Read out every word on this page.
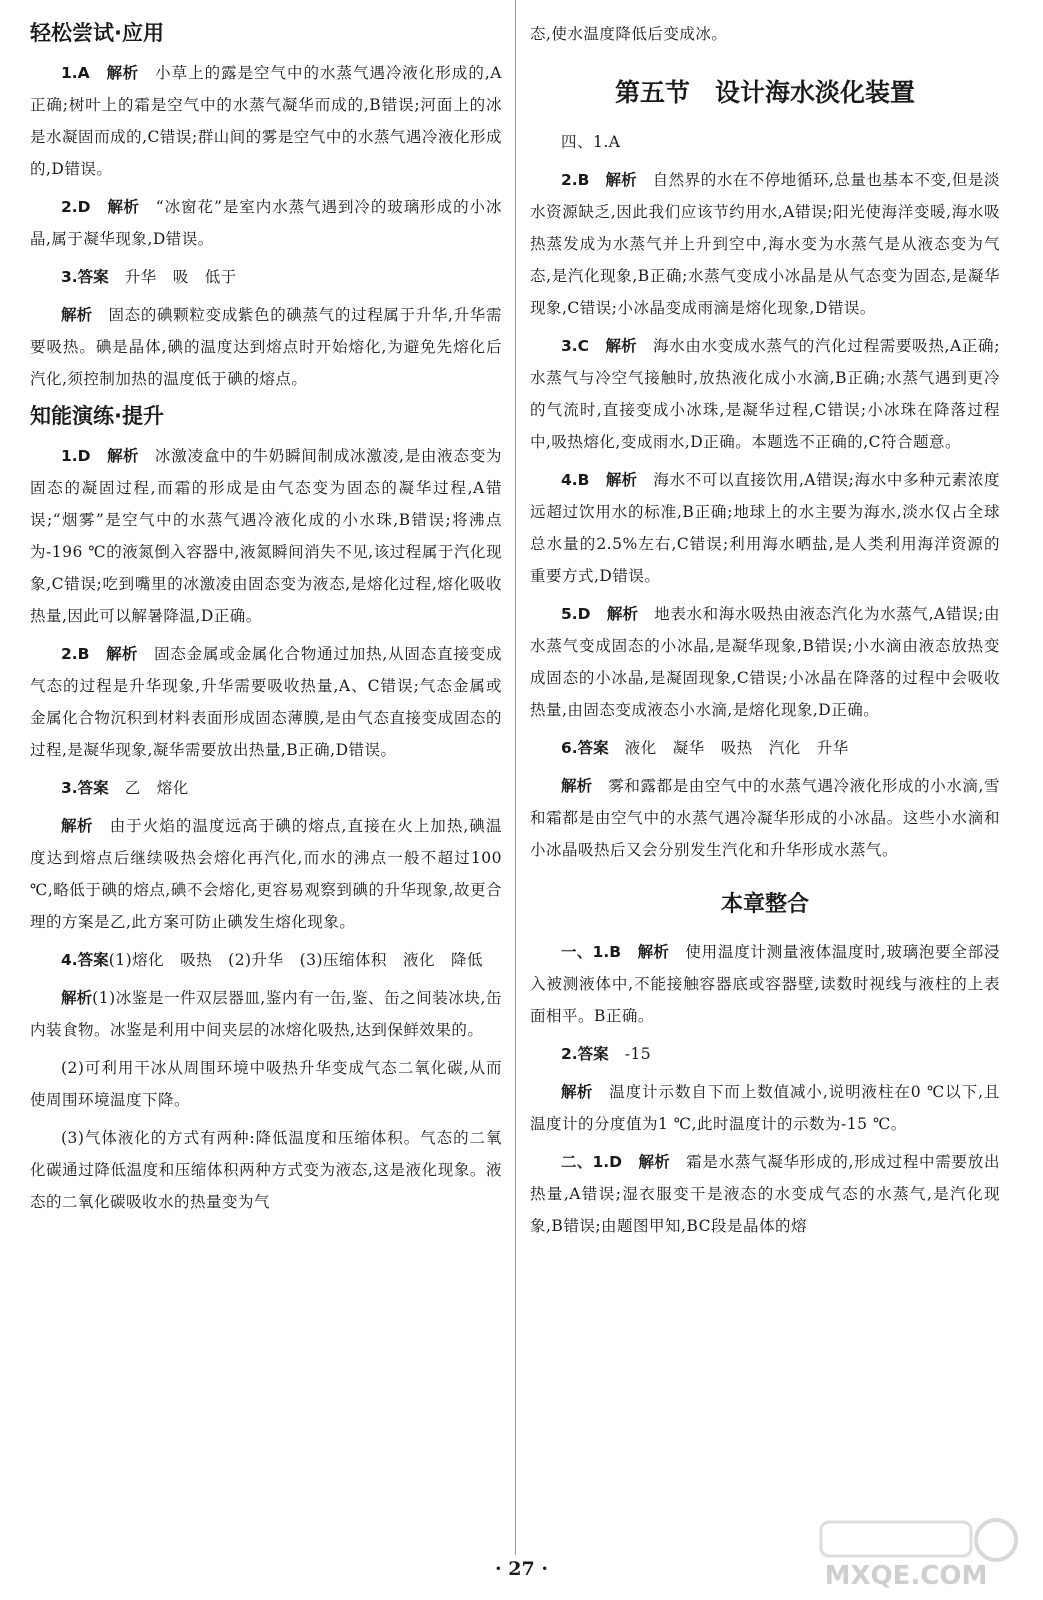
轻松尝试·应用

1.A　 解析　 小草上的露是空气中的水蒸气遇冷液化形成的,A正确;树叶上的霜是空气中的水蒸气凝华而成的,B错误;河面上的冰是水凝固而成的,C错误;群山间的雾是空气中的水蒸气遇冷液化形成的,D错误。

2.D　 解析　 “冰窗花”是室内水蒸气遇到冷的玻璃形成的小冰晶,属于凝华现象,D错误。

3.答案　 升华　吸　低于

解析　 固态的碘颗粒变成紫色的碘蒸气的过程属于升华,升华需要吸热。碘是晶体,碘的温度达到熔点时开始熔化,为避免先熔化后汽化,须控制加热的温度低于碘的熔点。

知能演练·提升

1.D　 解析　 冰激凌盒中的牛奶瞬间制成冰激凌,是由液态变为固态的凝固过程,而霜的形成是由气态变为固态的凝华过程,A错误;“烟雾”是空气中的水蒸气遇冷液化成的小水珠,B错误;将沸点为-196 ℃的液氮倒入容器中,液氮瞬间消失不见,该过程属于汽化现象,C错误;吃到嘴里的冰激凌由固态变为液态,是熔化过程,熔化吸收热量,因此可以解暑降温,D正确。

2.B　 解析　 固态金属或金属化合物通过加热,从固态直接变成气态的过程是升华现象,升华需要吸收热量,A、C错误;气态金属或金属化合物沉积到材料表面形成固态薄膜,是由气态直接变成固态的过程,是凝华现象,凝华需要放出热量,B正确,D错误。

3.答案　 乙　熔化

解析　 由于火焰的温度远高于碘的熔点,直接在火上加热,碘温度达到熔点后继续吸热会熔化再汽化,而水的沸点一般不超过100 ℃,略低于碘的熔点,碘不会熔化,更容易观察到碘的升华现象,故更合理的方案是乙,此方案可防止碘发生熔化现象。

4.答案(1)熔化　吸热　(2)升华　(3)压缩体积　液化　降低

解析(1)冰鉴是一件双层器皿,鉴内有一缶,鉴、缶之间装冰块,缶内装食物。冰鉴是利用中间夹层的冰熔化吸热,达到保鲜效果的。

(2)可利用干冰从周围环境中吸热升华变成气态二氧化碳,从而使周围环境温度下降。

(3)气体液化的方式有两种:降低温度和压缩体积。气态的二氧化碳通过降低温度和压缩体积两种方式变为液态,这是液化现象。液态的二氧化碳吸收水的热量变为气

态,使水温度降低后变成冰。

第五节　设计海水淡化装置

四、1.A

2.B　 解析　 自然界的水在不停地循环,总量也基本不变,但是淡水资源缺乏,因此我们应该节约用水,A错误;阳光使海洋变暖,海水吸热蒸发成为水蒸气并上升到空中,海水变为水蒸气是从液态变为气态,是汽化现象,B正确;水蒸气变成小冰晶是从气态变为固态,是凝华现象,C错误;小冰晶变成雨滴是熔化现象,D错误。

3.C　 解析　 海水由水变成水蒸气的汽化过程需要吸热,A正确;水蒸气与冷空气接触时,放热液化成小水滴,B正确;水蒸气遇到更冷的气流时,直接变成小冰珠,是凝华过程,C错误;小冰珠在降落过程中,吸热熔化,变成雨水,D正确。本题选不正确的,C符合题意。

4.B　 解析　 海水不可以直接饮用,A错误;海水中多种元素浓度远超过饮用水的标准,B正确;地球上的水主要为海水,淡水仅占全球总水量的2.5%左右,C错误;利用海水晒盐,是人类利用海洋资源的重要方式,D错误。

5.D　 解析　 地表水和海水吸热由液态汽化为水蒸气,A错误;由水蒸气变成固态的小冰晶,是凝华现象,B错误;小水滴由液态放热变成固态的小冰晶,是凝固现象,C错误;小冰晶在降落的过程中会吸收热量,由固态变成液态小水滴,是熔化现象,D正确。

6.答案　 液化　凝华　吸热　汽化　升华

解析　 雾和露都是由空气中的水蒸气遇冷液化形成的小水滴,雪和霜都是由空气中的水蒸气遇冷凝华形成的小冰晶。这些小水滴和小冰晶吸热后又会分别发生汽化和升华形成水蒸气。

本章整合

一、1.B　 解析　 使用温度计测量液体温度时,玻璃泡要全部浸入被测液体中,不能接触容器底或容器壁,读数时视线与液柱的上表面相平。B正确。

2.答案　 -15

解析　 温度计示数自下而上数值减小,说明液柱在0 ℃以下,且温度计的分度值为1 ℃,此时温度计的示数为-15 ℃。

二、1.D　 解析　 霜是水蒸气凝华形成的,形成过程中需要放出热量,A错误;湿衣服变干是液态的水变成气态的水蒸气,是汽化现象,B错误;由题图甲知,BC段是晶体的熔

· 27 ·	MXQE.COM
